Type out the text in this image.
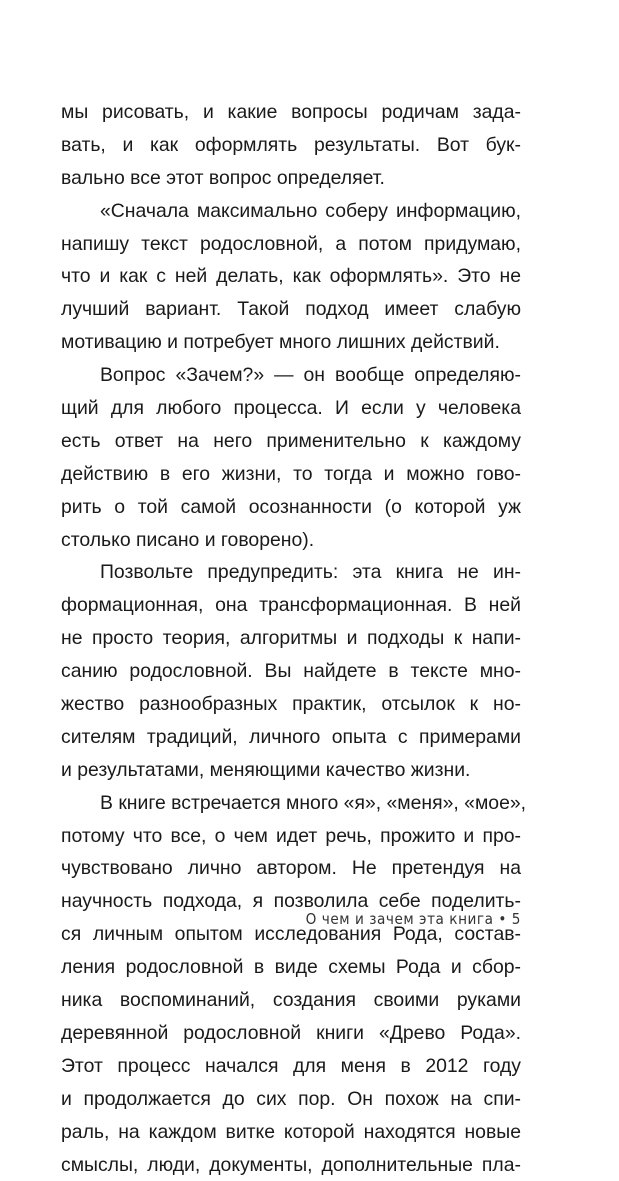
мы рисовать, и какие вопросы родичам зада-
вать, и как оформлять результаты. Вот бук-
вально все этот вопрос определяет.
«Сначала максимально соберу информацию,
напишу текст родословной, а потом придумаю,
что и как с ней делать, как оформлять». Это не
лучший вариант. Такой подход имеет слабую
мотивацию и потребует много лишних действий.
Вопрос «Зачем?» — он вообще определяю-
щий для любого процесса. И если у человека
есть ответ на него применительно к каждому
действию в его жизни, то тогда и можно гово-
рить о той самой осознанности (о которой уж
столько писано и говорено).
Позвольте предупредить: эта книга не ин-
формационная, она трансформационная. В ней
не просто теория, алгоритмы и подходы к напи-
санию родословной. Вы найдете в тексте мно-
жество разнообразных практик, отсылок к но-
сителям традиций, личного опыта с примерами
и результатами, меняющими качество жизни.
В книге встречается много «я», «меня», «мое»,
потому что все, о чем идет речь, прожито и про-
чувствовано лично автором. Не претендуя на
научность подхода, я позволила себе поделить-
ся личным опытом исследования Рода, состав-
ления родословной в виде схемы Рода и сбор-
ника воспоминаний, создания своими руками
деревянной родословной книги «Древо Рода».
Этот процесс начался для меня в 2012 году
и продолжается до сих пор. Он похож на спи-
раль, на каждом витке которой находятся новые
смыслы, люди, документы, дополнительные пла-
О чем и зачем эта книга • 5
